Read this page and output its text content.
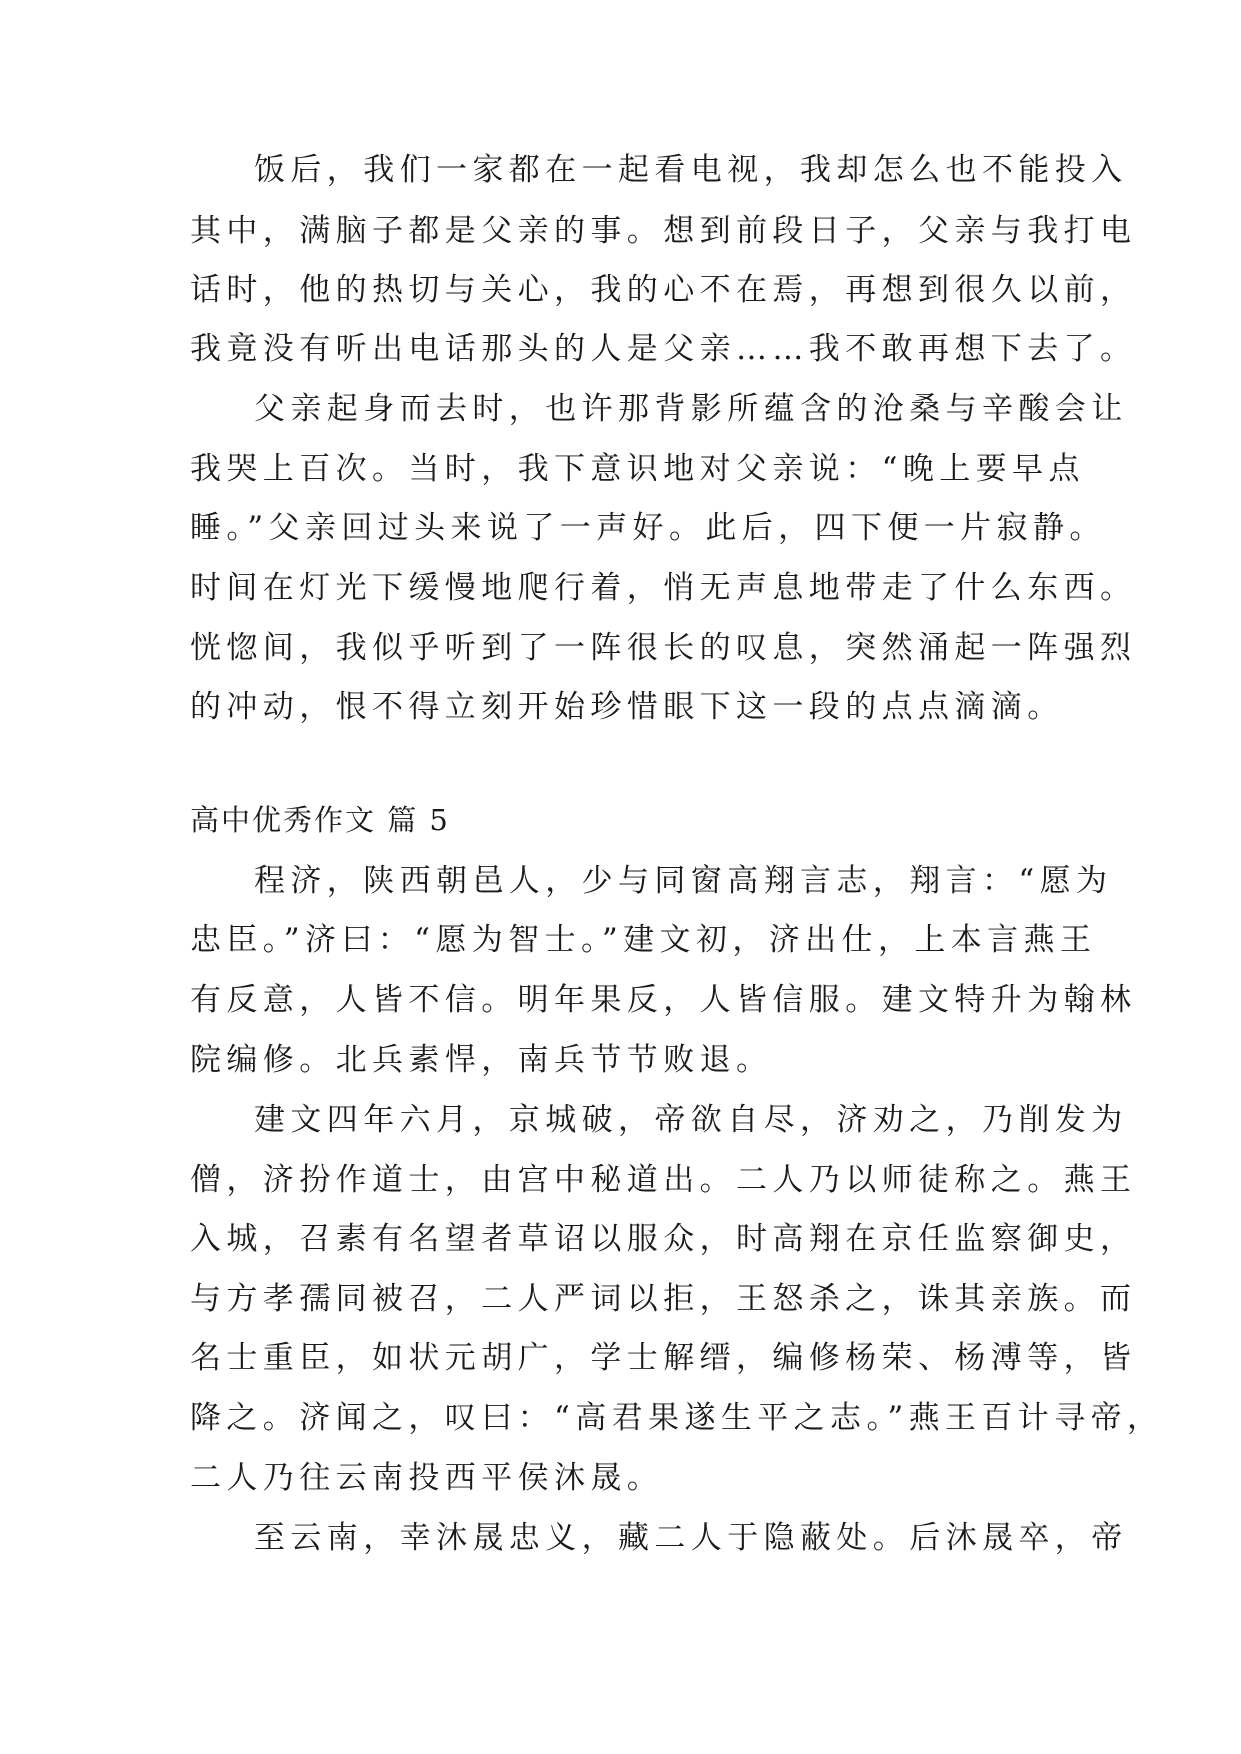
饭后，我们一家都在一起看电视，我却怎么也不能投入
其中，满脑子都是父亲的事。想到前段日子，父亲与我打电
话时，他的热切与关心，我的心不在焉，再想到很久以前，
我竟没有听出电话那头的人是父亲……我不敢再想下去了。
父亲起身而去时，也许那背影所蕴含的沧桑与辛酸会让
我哭上百次。当时，我下意识地对父亲说：“晚上要早点
睡。”父亲回过头来说了一声好。此后，四下便一片寂静。
时间在灯光下缓慢地爬行着，悄无声息地带走了什么东西。
恍惚间，我似乎听到了一阵很长的叹息，突然涌起一阵强烈
的冲动，恨不得立刻开始珍惜眼下这一段的点点滴滴。
高中优秀作文 篇 5
程济，陕西朝邑人，少与同窗高翔言志，翔言：“愿为
忠臣。”济曰：“愿为智士。”建文初，济出仕，上本言燕王
有反意，人皆不信。明年果反，人皆信服。建文特升为翰林
院编修。北兵素悍，南兵节节败退。
建文四年六月，京城破，帝欲自尽，济劝之，乃削发为
僧，济扮作道士，由宫中秘道出。二人乃以师徒称之。燕王
入城，召素有名望者草诏以服众，时高翔在京任监察御史，
与方孝孺同被召，二人严词以拒，王怒杀之，诛其亲族。而
名士重臣，如状元胡广，学士解缙，编修杨荣、杨溥等，皆
降之。济闻之，叹曰：“高君果遂生平之志。”燕王百计寻帝，
二人乃往云南投西平侯沐晟。
至云南，幸沐晟忠义，藏二人于隐蔽处。后沐晟卒，帝
